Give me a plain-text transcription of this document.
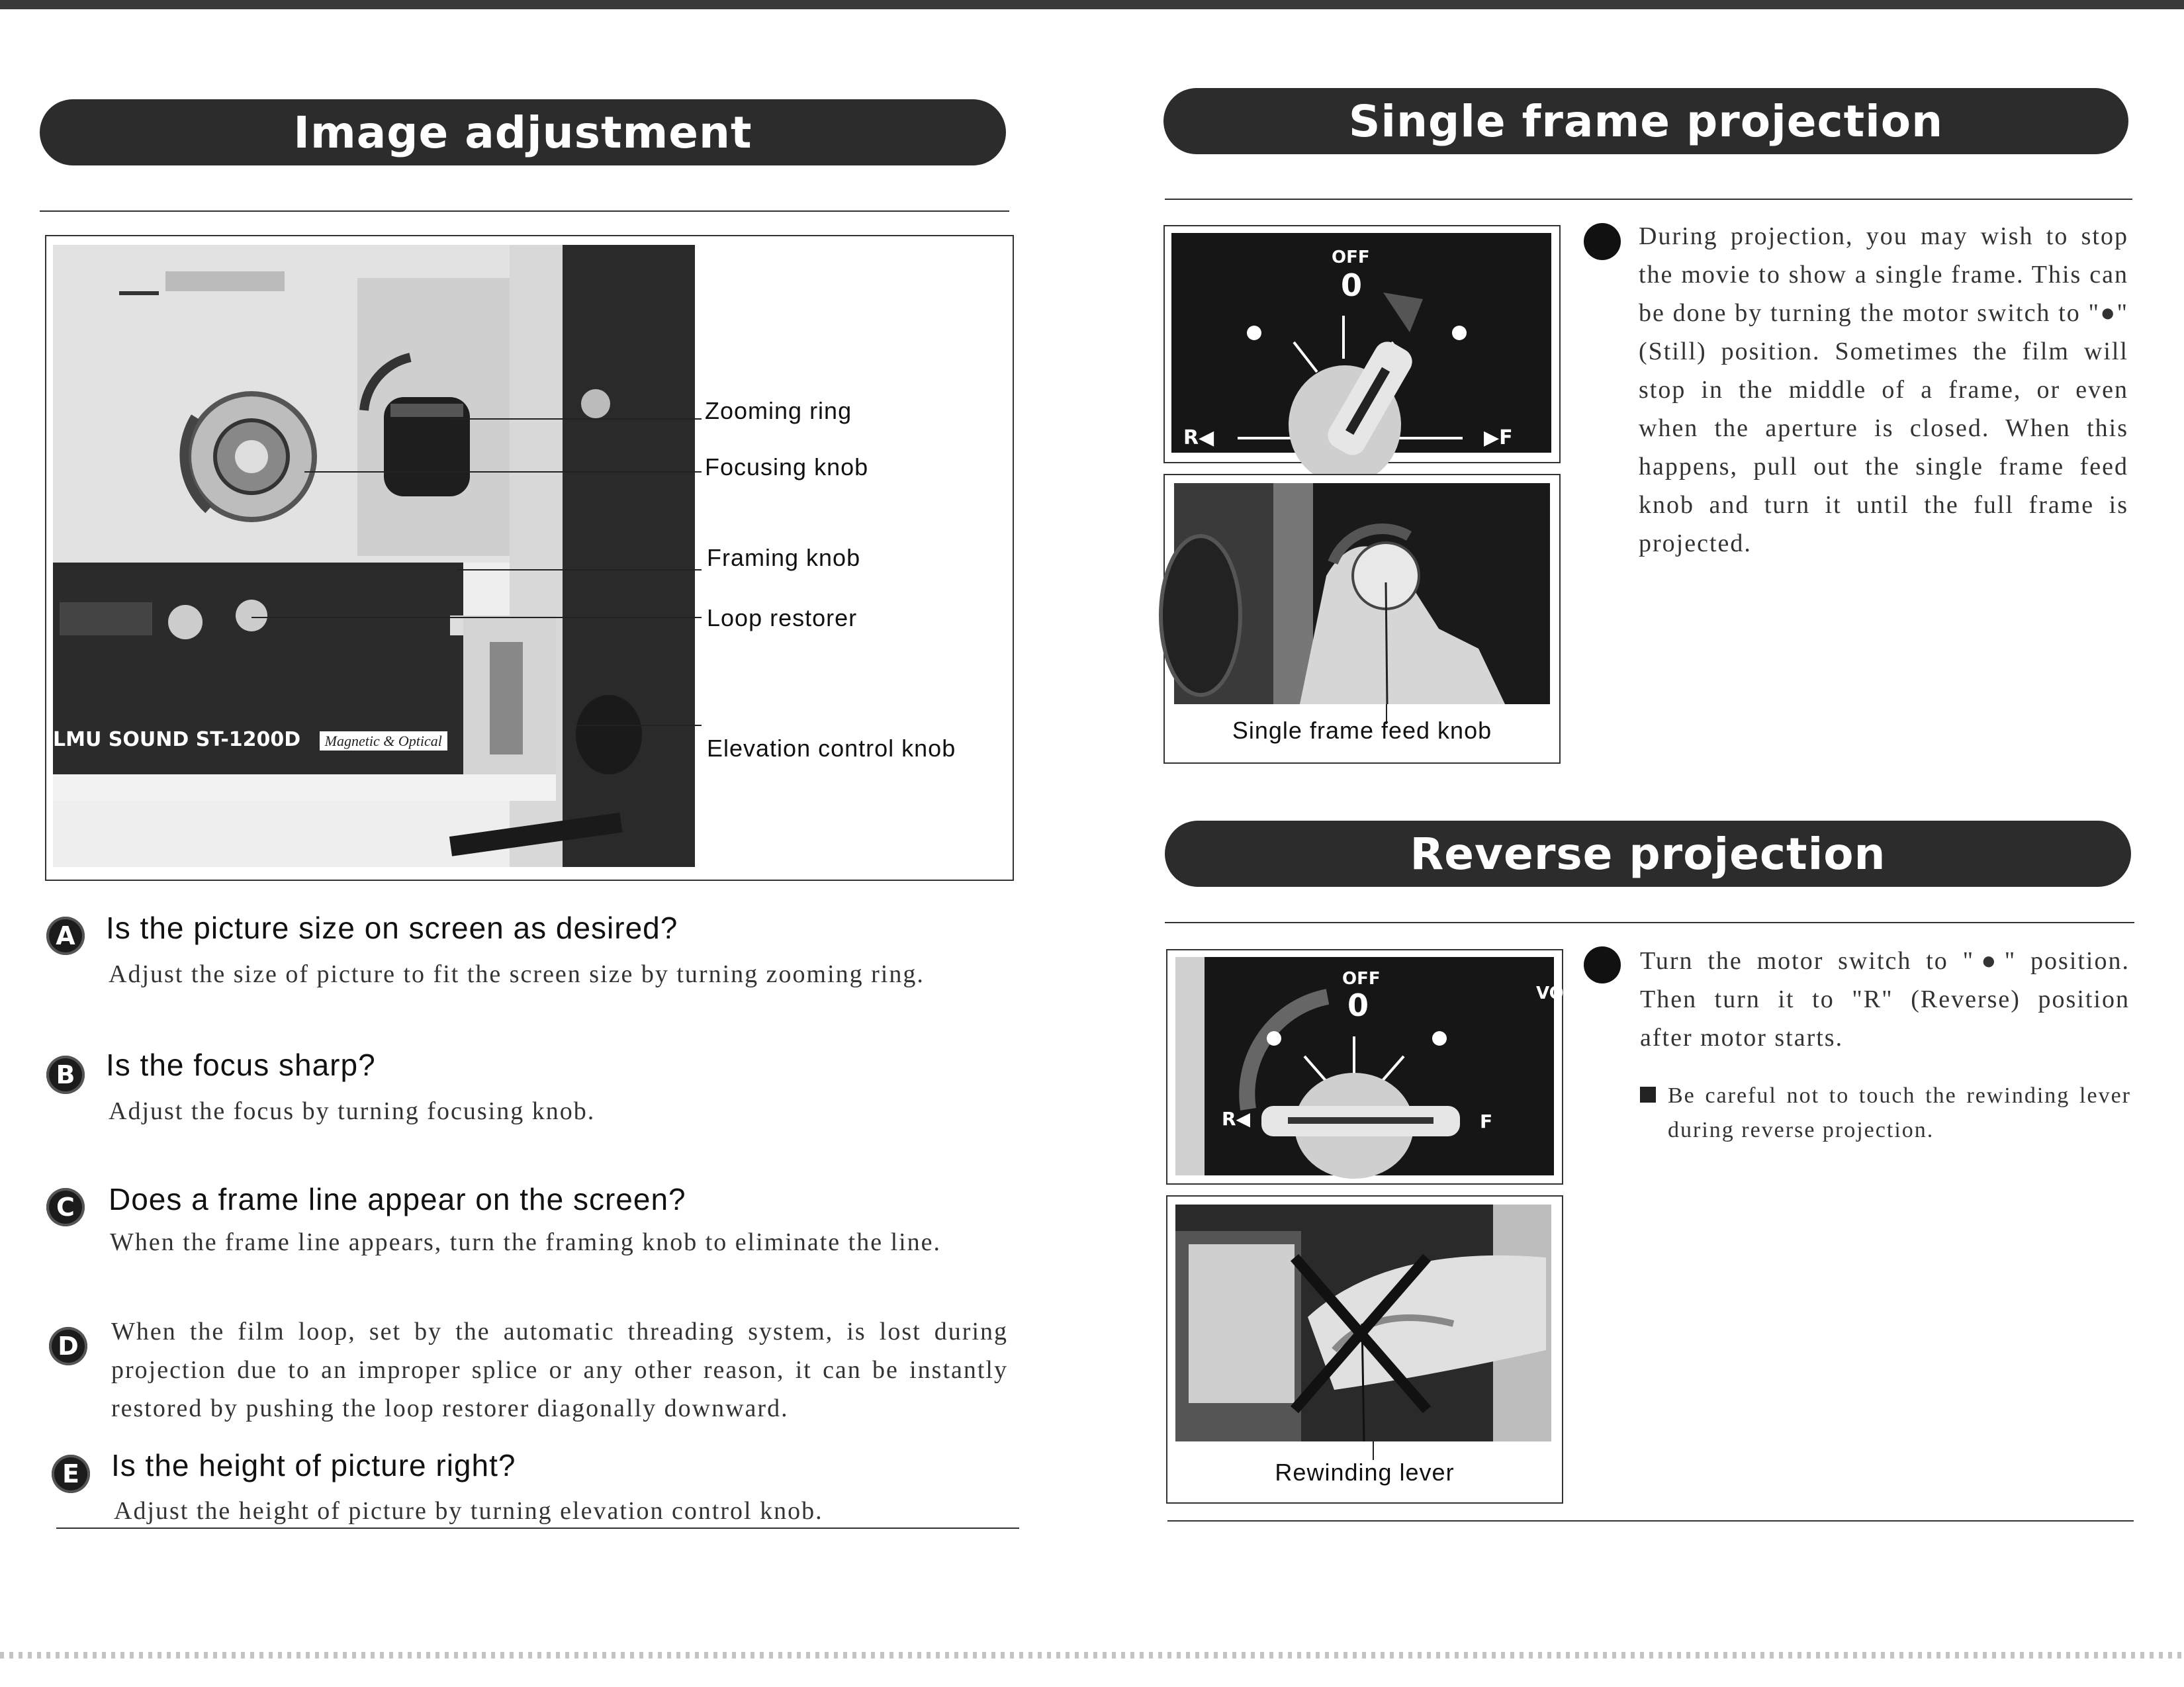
Image adjustment
LMU SOUND ST-1200D Magnetic & Optical
Zooming ring
Focusing knob
Framing knob
Loop restorer
Elevation control knob
A	Is the picture size on screen as desired?
Adjust the size of picture to fit the screen size by turning zooming ring.
B	Is the focus sharp?
Adjust the focus by turning focusing knob.
C	Does a frame line appear on the screen?
When the frame line appears, turn the framing knob to eliminate the line.
D	When the film loop, set by the automatic threading system, is lost during projection due to an improper splice or any other reason, it can be instantly restored by pushing the loop restorer diagonally downward.
E	Is the height of picture right?
Adjust the height of picture by turning elevation control knob.
Single frame projection
OFF
0
R◀	▶F
Single frame feed knob
During projection, you may wish to stop the movie to show a single frame. This can be done by turning the motor switch to "●" (Still) position. Sometimes the film will stop in the middle of a frame, or even when the aperture is closed. When this happens, pull out the single frame feed knob and turn it until the full frame is projected.
Reverse projection
OFF
0
R◀	F
VO
Rewinding lever
Turn the motor switch to "●" position. Then turn it to "R" (Reverse) position after motor starts.
Be careful not to touch the rewinding lever during reverse projection.
